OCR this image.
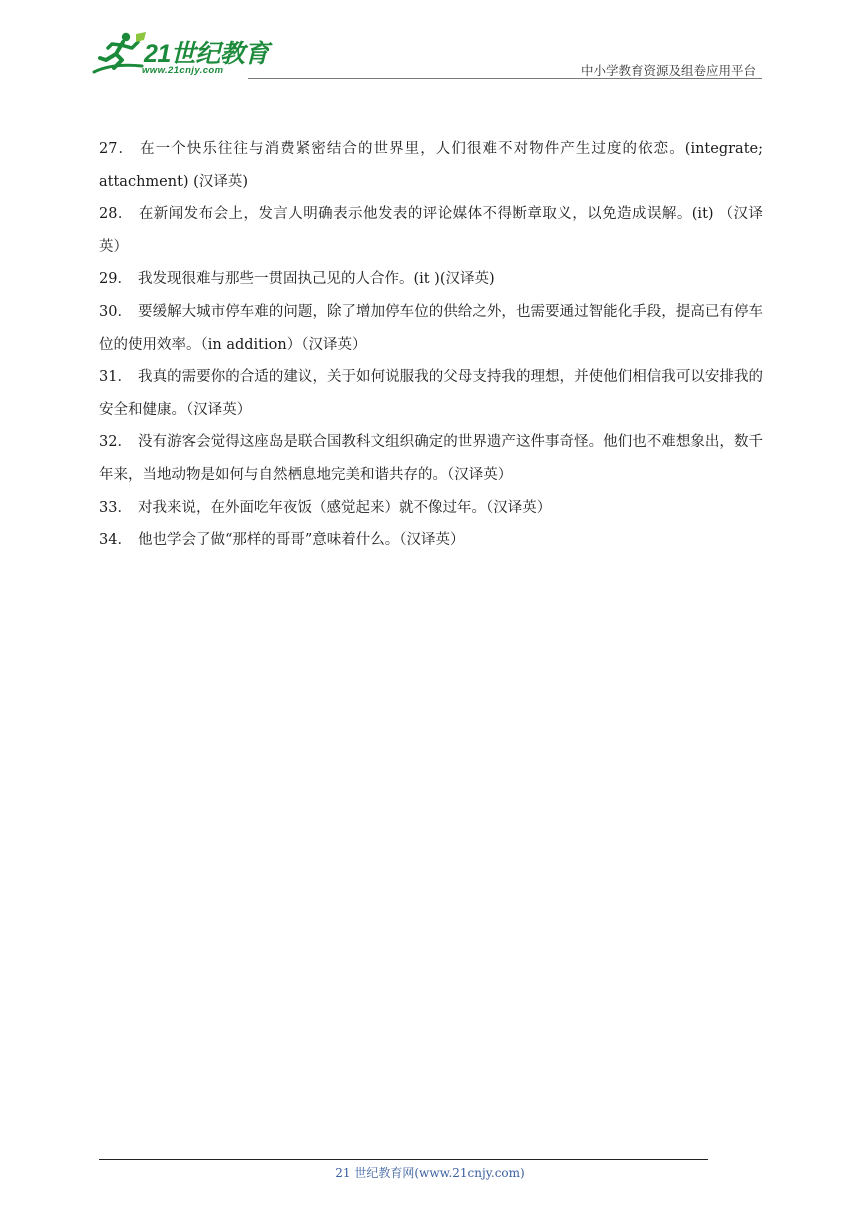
21世纪教育
www.21cnjy.com	中小学教育资源及组卷应用平台

27． 在一个快乐往往与消费紧密结合的世界里，人们很难不对物件产生过度的依恋。(integrate; attachment) (汉译英)

28． 在新闻发布会上，发言人明确表示他发表的评论媒体不得断章取义，以免造成误解。(it) （汉译英）

29． 我发现很难与那些一贯固执己见的人合作。(it )(汉译英)

30． 要缓解大城市停车难的问题，除了增加停车位的供给之外，也需要通过智能化手段，提高已有停车位的使用效率。（in addition）（汉译英）

31． 我真的需要你的合适的建议，关于如何说服我的父母支持我的理想，并使他们相信我可以安排我的安全和健康。（汉译英）

32． 没有游客会觉得这座岛是联合国教科文组织确定的世界遗产这件事奇怪。他们也不难想象出，数千年来，当地动物是如何与自然栖息地完美和谐共存的。（汉译英）

33． 对我来说，在外面吃年夜饭（感觉起来）就不像过年。（汉译英）

34． 他也学会了做“那样的哥哥”意味着什么。（汉译英）

21 世纪教育网(www.21cnjy.com)
